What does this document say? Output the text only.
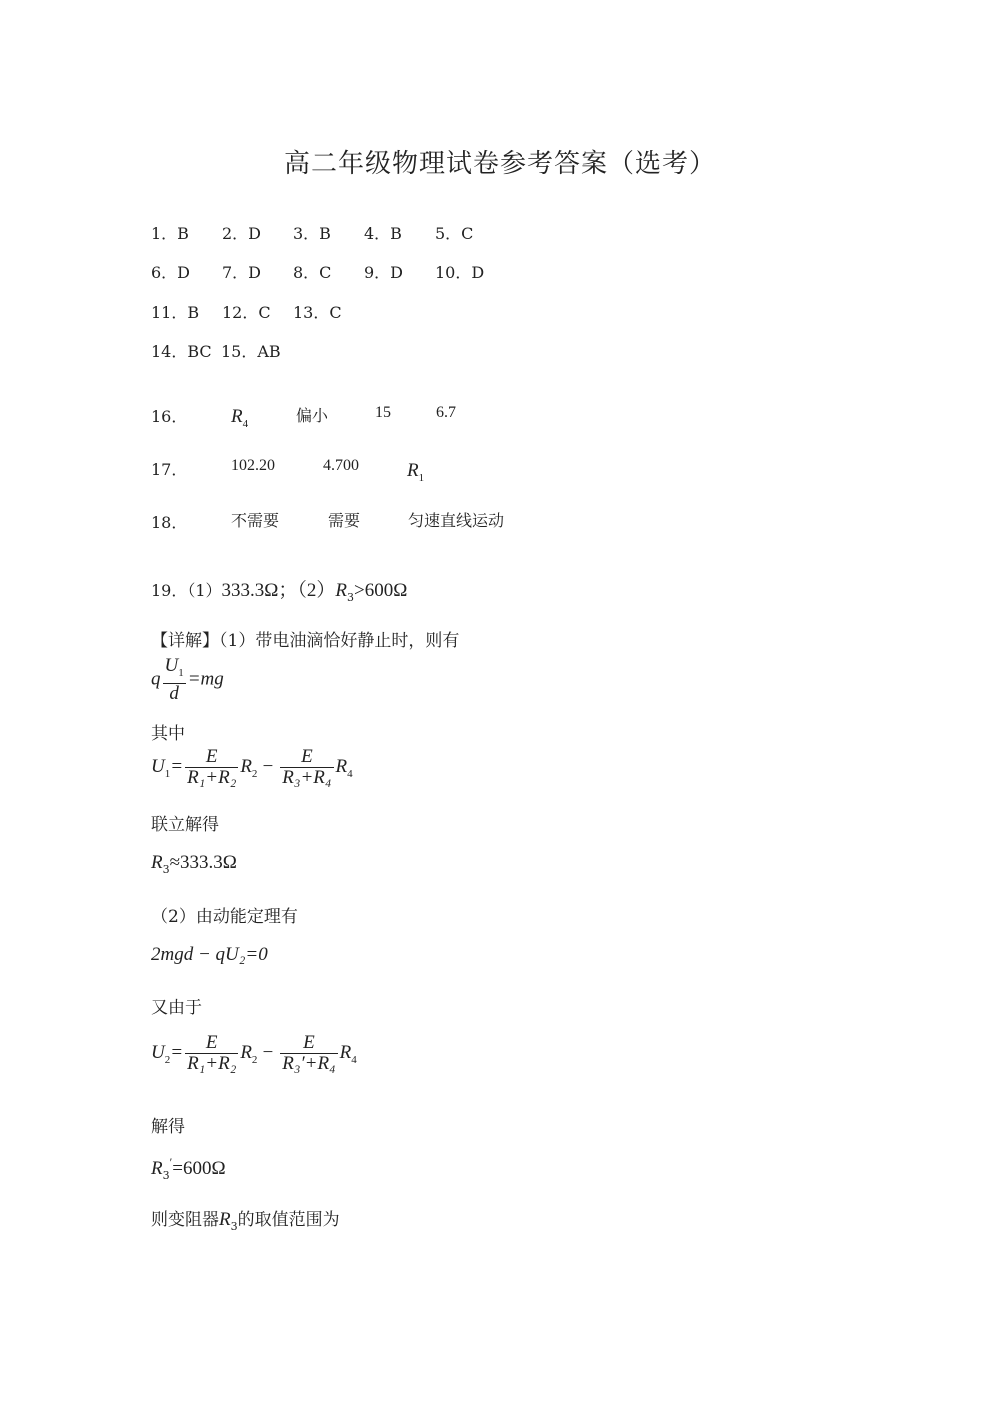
高二年级物理试卷参考答案（选考）
1．B 2．D 3．B 4．B 5．C
6．D 7．D 8．C 9．D 10．D
11．B 12．C 13．C
14．BC 15．AB
16． $R_4$	偏小	15	6.7
17．	102.20	4.700	$R_1$
18．	不需要	需要	匀速直线运动
19．（1）333.3Ω；$(2)R_3>600\Omega$
【详解】（1）带电油滴恰好静止时，则有
q $\frac{U_1}{d} =mg$
其中
$U_1= \frac{E}{\text{R₁+R₂}} R_2 - \frac{E}{\text{R₃+R₄}} R_4$
联立解得
$R_3\approx 333.3\Omega$
（2）由动能定理有
2mgd − qU₂=0
又由于
$U_2= \frac{E}{\text{R₁+R₂}} R_2 - \frac{E}{\text{R₃′+R₄}} R_4$
解得
$R_3'=600\Omega$
则变阻器$R_3$的取值范围为
